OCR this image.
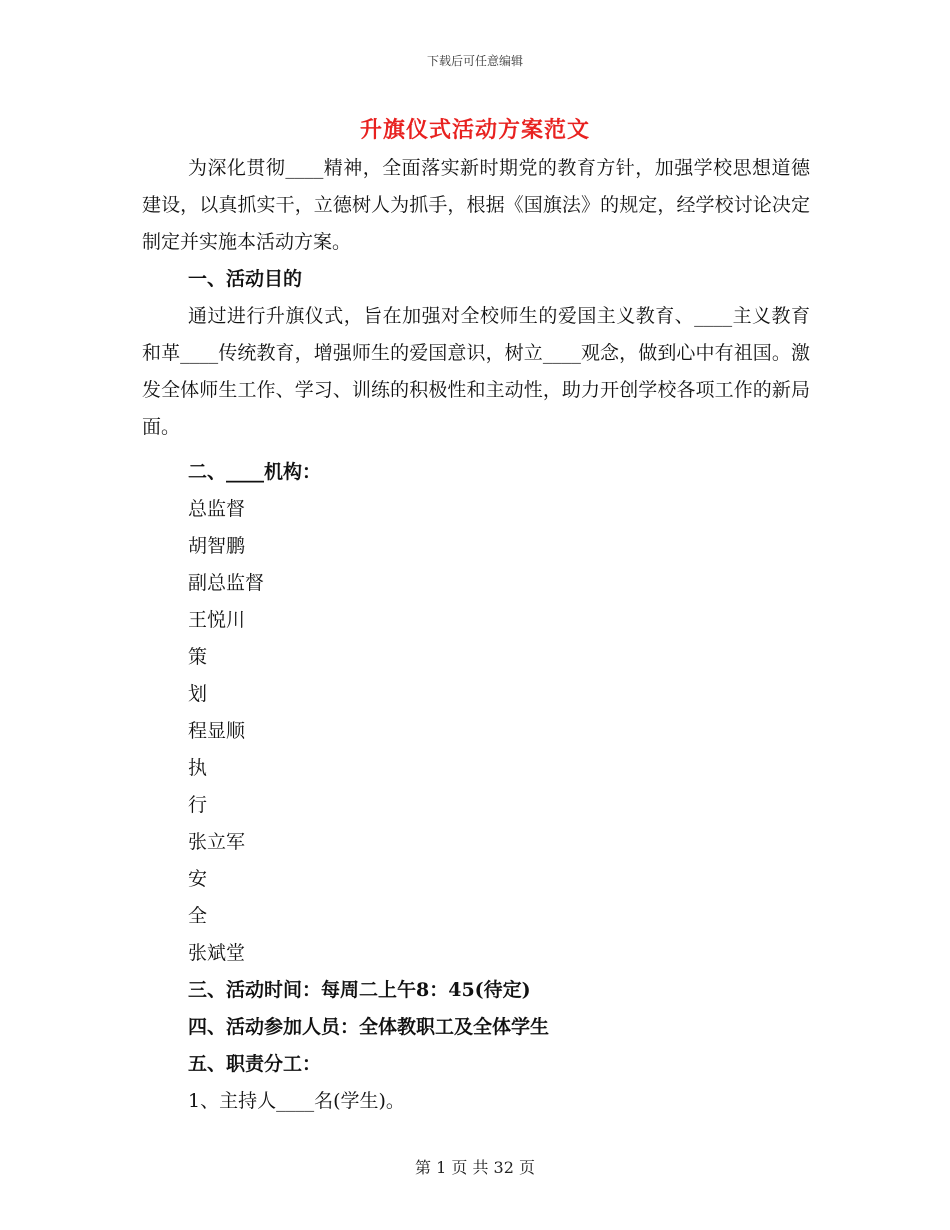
下载后可任意编辑
升旗仪式活动方案范文

为深化贯彻____精神，全面落实新时期党的教育方针，加强学校思想道德建设，以真抓实干，立德树人为抓手，根据《国旗法》的规定，经学校讨论决定制定并实施本活动方案。

一、活动目的

通过进行升旗仪式，旨在加强对全校师生的爱国主义教育、____主义教育和革____传统教育，增强师生的爱国意识，树立____观念，做到心中有祖国。激发全体师生工作、学习、训练的积极性和主动性，助力开创学校各项工作的新局面。

二、____机构：

总监督

胡智鹏

副总监督

王悦川

策

划

程显顺

执

行

张立军

安

全

张斌堂

三、活动时间：每周二上午8：45(待定)

四、活动参加人员：全体教职工及全体学生

五、职责分工：

1、主持人____名(学生)。

第 1 页 共 32 页
